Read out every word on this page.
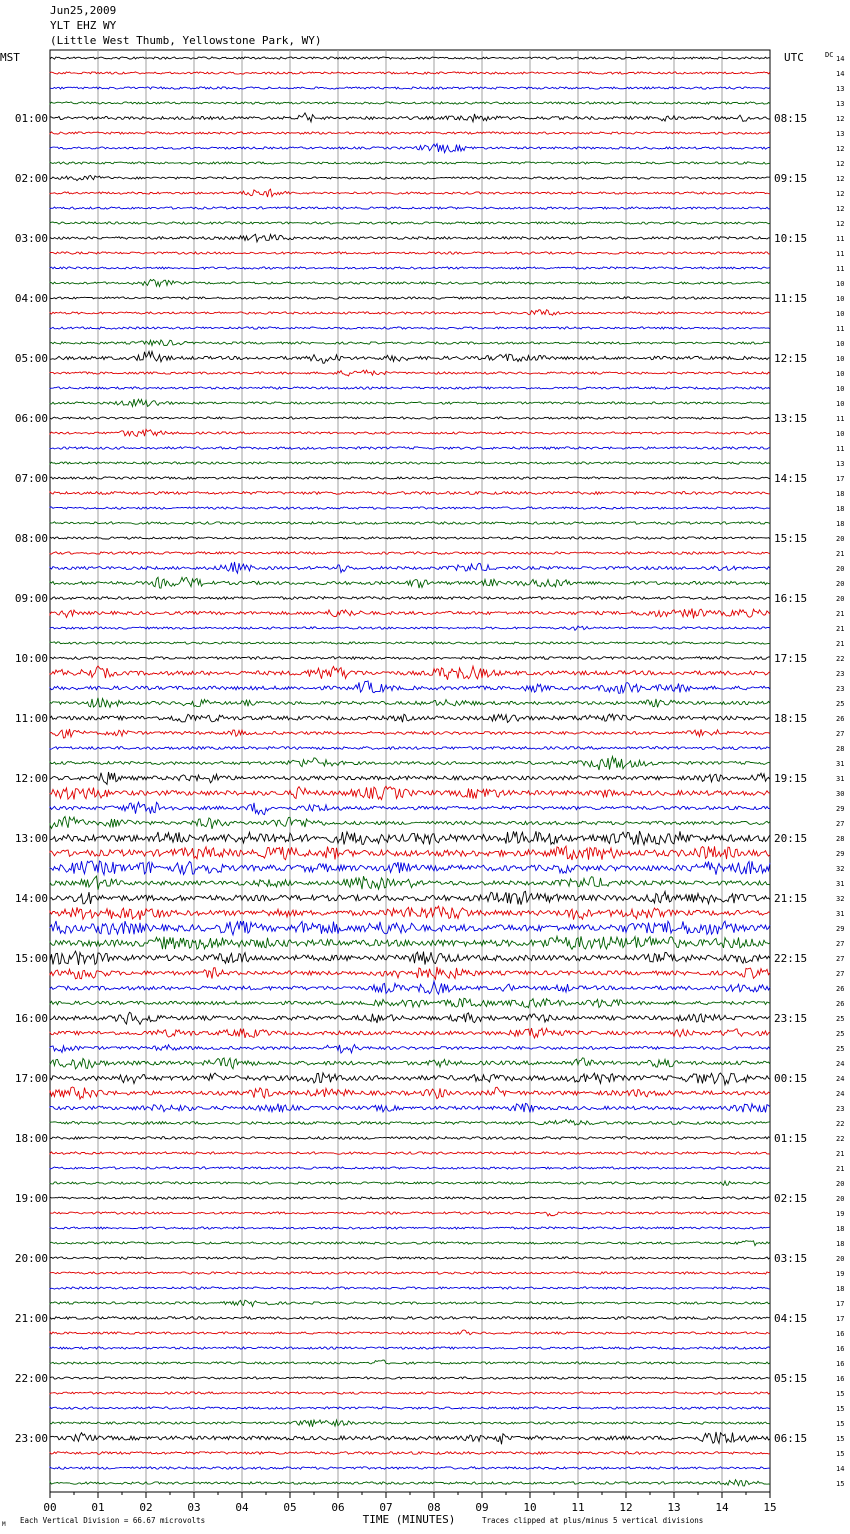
Jun25,2009
YLT EHZ WY
(Little West Thumb, Yellowstone Park, WY)
MST	UTC	DC
01:00
02:00
03:00
04:00
05:00
06:00
07:00
08:00
09:00
10:00
11:00
12:00
13:00
14:00
15:00
16:00
17:00
18:00
19:00
20:00
21:00
22:00
23:00
08:15
09:15
10:15
11:15
12:15
13:15
14:15
15:15
16:15
17:15
18:15
19:15
20:15
21:15
22:15
23:15
00:15
01:15
02:15
03:15
04:15
05:15
06:15
14
14
13
13
12
13
12
12
12
12
12
12
11
11
11
10
10
10
11
10
10
10
10
10
11
10
11
13
17
18
18
18
20
21
20
20
20
21
21
21
22
23
23
25
26
27
28
31
31
30
29
27
28
29
32
31
32
31
29
27
27
27
26
26
25
25
25
24
24
24
23
22
22
21
21
20
20
19
18
18
20
19
18
17
17
16
16
16
16
15
15
15
15
15
14
15
00	01	02	03	04	05	06	07	08	09	10	11	12	13	14	15
TIME (MINUTES)
Each Vertical Division = 66.67 microvolts	Traces clipped at plus/minus 5 vertical divisions
M
